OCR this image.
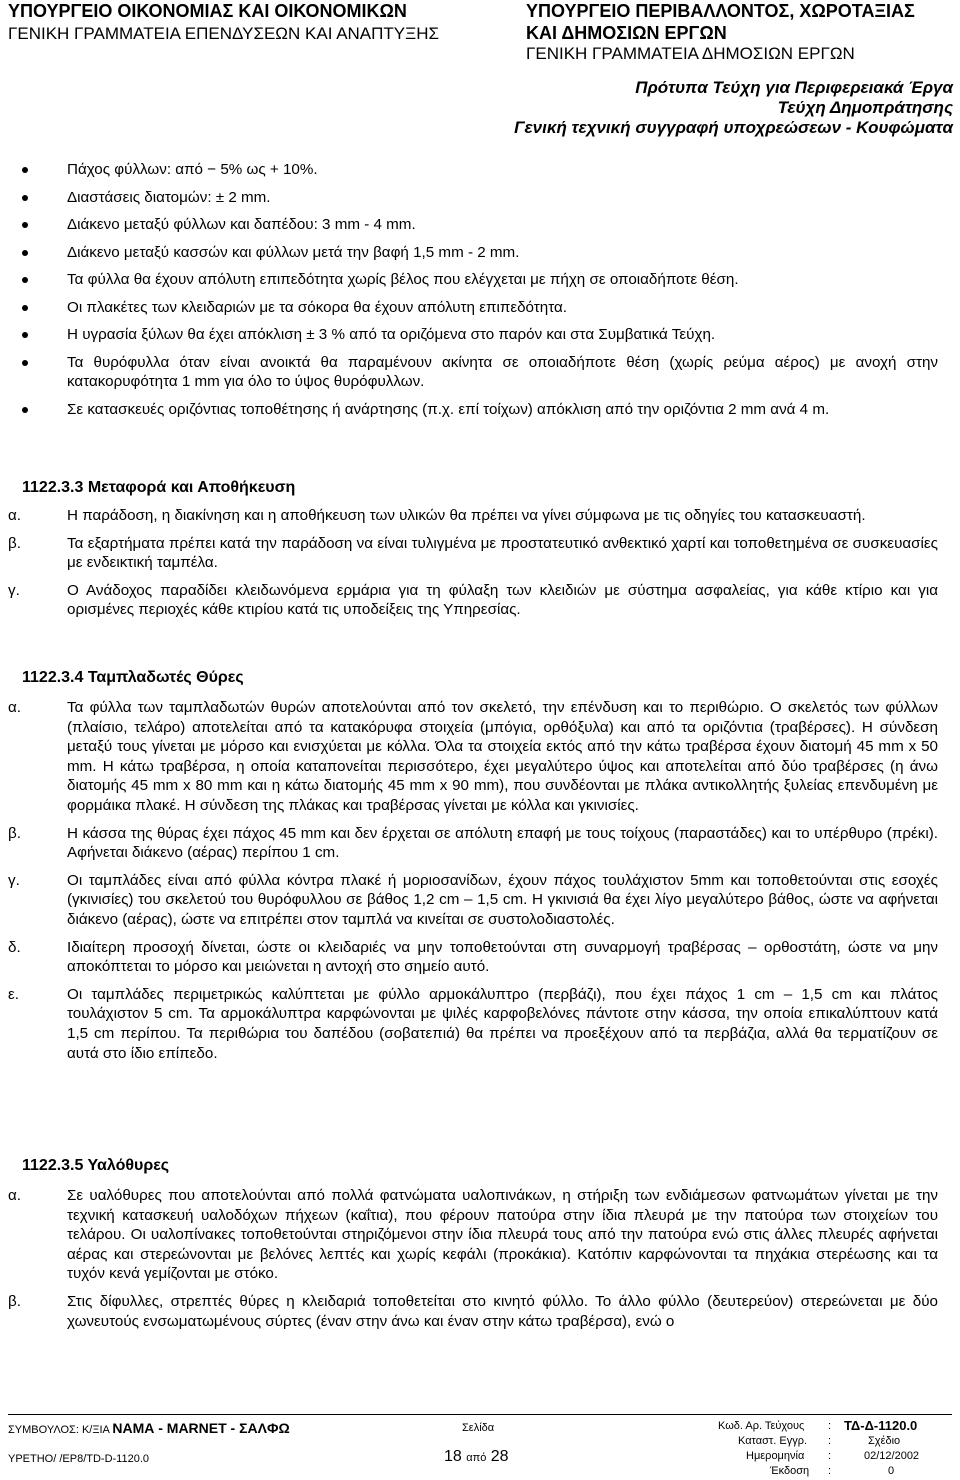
ΥΠΟΥΡΓΕΙΟ ΟΙΚΟΝΟΜΙΑΣ ΚΑΙ ΟΙΚΟΝΟΜΙΚΩΝ
ΓΕΝΙΚΗ ΓΡΑΜΜΑΤΕΙΑ ΕΠΕΝΔΥΣΕΩΝ ΚΑΙ ΑΝΑΠΤΥΞΗΣ
ΥΠΟΥΡΓΕΙΟ ΠΕΡΙΒΑΛΛΟΝΤΟΣ, ΧΩΡΟΤΑΞΙΑΣ
ΚΑΙ ΔΗΜΟΣΙΩΝ ΕΡΓΩΝ
ΓΕΝΙΚΗ ΓΡΑΜΜΑΤΕΙΑ ΔΗΜΟΣΙΩΝ ΕΡΓΩΝ
Πρότυπα Τεύχη για Περιφερειακά Έργα
Τεύχη Δημοπράτησης
Γενική τεχνική συγγραφή υποχρεώσεων - Κουφώματα
Πάχος φύλλων: από − 5% ως + 10%.
Διαστάσεις διατομών: ± 2 mm.
Διάκενο μεταξύ φύλλων και δαπέδου: 3 mm - 4 mm.
Διάκενο μεταξύ κασσών και φύλλων μετά την βαφή 1,5 mm - 2 mm.
Τα φύλλα θα έχουν απόλυτη επιπεδότητα χωρίς βέλος που ελέγχεται με πήχη σε οποιαδήποτε θέση.
Οι πλακέτες των κλειδαριών με τα σόκορα θα έχουν απόλυτη επιπεδότητα.
Η υγρασία ξύλων θα έχει απόκλιση ± 3 % από τα οριζόμενα στο παρόν και στα Συμβατικά Τεύχη.
Τα θυρόφυλλα όταν είναι ανοικτά θα παραμένουν ακίνητα σε οποιαδήποτε θέση (χωρίς ρεύμα αέρος) με ανοχή στην κατακορυφότητα 1 mm για όλο το ύψος θυρόφυλλων.
Σε κατασκευές οριζόντιας τοποθέτησης ή ανάρτησης (π.χ. επί τοίχων) απόκλιση από την οριζόντια 2 mm ανά 4 m.
1122.3.3 Μεταφορά και Αποθήκευση
α.	Η παράδοση, η διακίνηση και η αποθήκευση των υλικών θα πρέπει να γίνει σύμφωνα με τις οδηγίες του κατασκευαστή.
β.	Τα εξαρτήματα πρέπει κατά την παράδοση να είναι τυλιγμένα με προστατευτικό ανθεκτικό χαρτί και τοποθετημένα σε συσκευασίες με ενδεικτική ταμπέλα.
γ.	Ο Ανάδοχος παραδίδει κλειδωνόμενα ερμάρια για τη φύλαξη των κλειδιών με σύστημα ασφαλείας, για κάθε κτίριο και για ορισμένες περιοχές κάθε κτιρίου κατά τις υποδείξεις της Υπηρεσίας.
1122.3.4 Ταμπλαδωτές Θύρες
α.	Τα φύλλα των ταμπλαδωτών θυρών αποτελούνται από τον σκελετό, την επένδυση και το περιθώριο. Ο σκελετός των φύλλων (πλαίσιο, τελάρο) αποτελείται από τα κατακόρυφα στοιχεία (μπόγια, ορθόξυλα) και από τα οριζόντια (τραβέρσες). Η σύνδεση μεταξύ τους γίνεται με μόρσο και ενισχύεται με κόλλα. Όλα τα στοιχεία εκτός από την κάτω τραβέρσα έχουν διατομή 45 mm x 50 mm. Η κάτω τραβέρσα, η οποία καταπονείται περισσότερο, έχει μεγαλύτερο ύψος και αποτελείται από δύο τραβέρσες (η άνω διατομής 45 mm x 80 mm και η κάτω διατομής 45 mm x 90 mm), που συνδέονται με πλάκα αντικολλητής ξυλείας επενδυμένη με φορμάικα πλακέ. Η σύνδεση της πλάκας και τραβέρσας γίνεται με κόλλα και γκινισίες.
β.	Η κάσσα της θύρας έχει πάχος 45 mm και δεν έρχεται σε απόλυτη επαφή με τους τοίχους (παραστάδες) και το υπέρθυρο (πρέκι). Αφήνεται διάκενο (αέρας) περίπου 1 cm.
γ.	Οι ταμπλάδες είναι από φύλλα κόντρα πλακέ ή μοριοσανίδων, έχουν πάχος τουλάχιστον 5mm και τοποθετούνται στις εσοχές (γκινισίες) του σκελετού του θυρόφυλλου σε βάθος 1,2 cm – 1,5 cm. Η γκινισιά θα έχει λίγο μεγαλύτερο βάθος, ώστε να αφήνεται διάκενο (αέρας), ώστε να επιτρέπει στον ταμπλά να κινείται σε συστολοδιαστολές.
δ.	Ιδιαίτερη προσοχή δίνεται, ώστε οι κλειδαριές να μην τοποθετούνται στη συναρμογή τραβέρσας – ορθοστάτη, ώστε να μην αποκόπτεται το μόρσο και μειώνεται η αντοχή στο σημείο αυτό.
ε.	Οι ταμπλάδες περιμετρικώς καλύπτεται με φύλλο αρμοκάλυπτρο (περβάζι), που έχει πάχος 1 cm – 1,5 cm και πλάτος τουλάχιστον 5 cm. Τα αρμοκάλυπτρα καρφώνονται με ψιλές καρφοβελόνες πάντοτε στην κάσσα, την οποία επικαλύπτουν κατά 1,5 cm περίπου. Τα περιθώρια του δαπέδου (σοβατεπιά) θα πρέπει να προεξέχουν από τα περβάζια, αλλά θα τερματίζουν σε αυτά στο ίδιο επίπεδο.
1122.3.5 Υαλόθυρες
α.	Σε υαλόθυρες που αποτελούνται από πολλά φατνώματα υαλοπινάκων, η στήριξη των ενδιάμεσων φατνωμάτων γίνεται με την τεχνική κατασκευή υαλοδόχων πήχεων (καΐτια), που φέρουν πατούρα στην ίδια πλευρά με την πατούρα των στοιχείων του τελάρου. Οι υαλοπίνακες τοποθετούνται στηριζόμενοι στην ίδια πλευρά τους από την πατούρα ενώ στις άλλες πλευρές αφήνεται αέρας και στερεώνονται με βελόνες λεπτές και χωρίς κεφάλι (προκάκια). Κατόπιν καρφώνονται τα πηχάκια στερέωσης και τα τυχόν κενά γεμίζονται με στόκο.
β.	Στις δίφυλλες, στρεπτές θύρες η κλειδαριά τοποθετείται στο κινητό φύλλο. Το άλλο φύλλο (δευτερεύον) στερεώνεται με δύο χωνευτούς ενσωματωμένους σύρτες (έναν στην άνω και έναν στην κάτω τραβέρσα), ενώ ο
ΣΥΜΒΟΥΛΟΣ: Κ/ΞΙΑ ΝΑΜΑ - MARNET - ΣΑΛΦΩ
ΥΡΕΤΗΟ/ /ΕΡ8/ΤD-D-1120.0
Σελίδα
18 από 28
Κωδ. Αρ. Τεύχους : ΤΔ-Δ-1120.0
Καταστ. Εγγρ. :	Σχέδιο
Ημερομηνία :	02/12/2002
Έκδοση :	0
